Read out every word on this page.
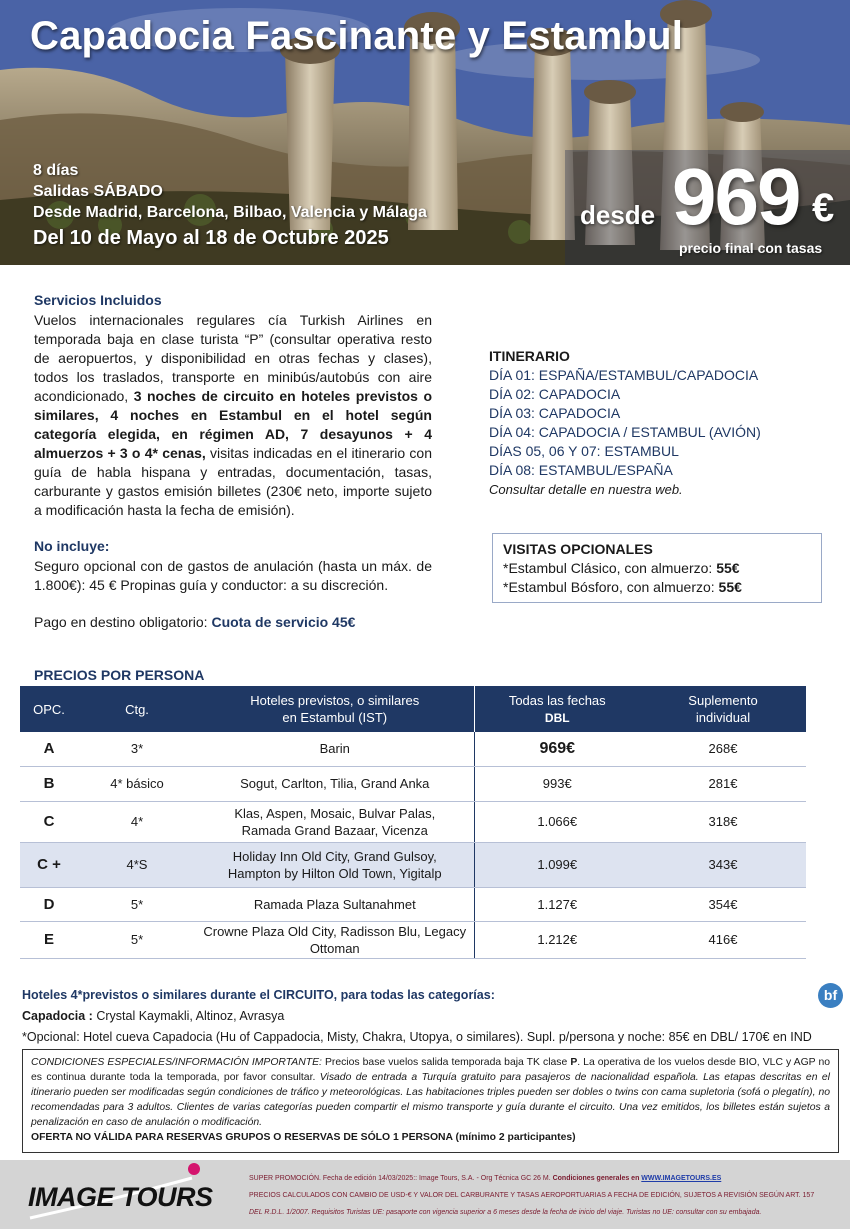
Capadocia Fascinante y Estambul
8 días
Salidas SÁBADO
Desde Madrid, Barcelona, Bilbao, Valencia y Málaga
Del 10 de Mayo al 18 de Octubre 2025
desde 969 €
precio final con tasas
Servicios Incluidos
Vuelos internacionales regulares cía Turkish Airlines en temporada baja en clase turista “P” (consultar operativa resto de aeropuertos, y disponibilidad en otras fechas y clases), todos los traslados, transporte en minibús/autobús con aire acondicionado, 3 noches de circuito en hoteles previstos o similares, 4 noches en Estambul en el hotel según categoría elegida, en régimen AD, 7 desayunos + 4 almuerzos + 3 o 4* cenas, visitas indicadas en el itinerario con guía de habla hispana y entradas, documentación, tasas, carburante y gastos emisión billetes (230€ neto, importe sujeto a modificación hasta la fecha de emisión).
No incluye:
Seguro opcional con de gastos de anulación (hasta un máx. de 1.800€): 45 € Propinas guía y conductor: a su discreción.
Pago en destino obligatorio: Cuota de servicio 45€
ITINERARIO
DÍA 01: ESPAÑA/ESTAMBUL/CAPADOCIA
DÍA 02: CAPADOCIA
DÍA 03: CAPADOCIA
DÍA 04: CAPADOCIA / ESTAMBUL (AVIÓN)
DÍAS 05, 06 Y 07: ESTAMBUL
DÍA 08: ESTAMBUL/ESPAÑA
Consultar detalle en nuestra web.
VISITAS OPCIONALES
*Estambul Clásico, con almuerzo: 55€
*Estambul Bósforo, con almuerzo: 55€
PRECIOS POR PERSONA
OPC.	Ctg.	Hoteles previstos, o similares
en Estambul (IST)	Todas las fechas
DBL	Suplemento
individual
A	3*	Barin	969€	268€
B	4* básico	Sogut, Carlton, Tilia, Grand Anka	993€	281€
C	4*	Klas, Aspen, Mosaic, Bulvar Palas,
Ramada Grand Bazaar, Vicenza	1.066€	318€
C +	4*S	Holiday Inn Old City, Grand Gulsoy,
Hampton by Hilton Old Town, Yigitalp	1.099€	343€
D	5*	Ramada Plaza Sultanahmet	1.127€	354€
E	5*	Crowne Plaza Old City, Radisson Blu, Legacy
Ottoman	1.212€	416€
Hoteles 4*previstos o similares durante el CIRCUITO, para todas las categorías:
Capadocia : Crystal Kaymakli, Altinoz, Avrasya
*Opcional: Hotel cueva Capadocia (Hu of Cappadocia, Misty, Chakra, Utopya, o similares). Supl. p/persona y noche: 85€ en DBL/ 170€ en IND
bf
CONDICIONES ESPECIALES/INFORMACIÓN IMPORTANTE: Precios base vuelos salida temporada baja TK clase P. La operativa de los vuelos desde BIO, VLC y AGP no es continua durante toda la temporada, por favor consultar. Visado de entrada a Turquía gratuito para pasajeros de nacionalidad española. Las etapas descritas en el itinerario pueden ser modificadas según condiciones de tráfico y meteorológicas. Las habitaciones triples pueden ser dobles o twins con cama supletoria (sofá o plegatín), no recomendadas para 3 adultos. Clientes de varias categorías pueden compartir el mismo transporte y guía durante el circuito. Una vez emitidos, los billetes están sujetos a penalización en caso de anulación o modificación.
OFERTA NO VÁLIDA PARA RESERVAS GRUPOS O RESERVAS DE SÓLO 1 PERSONA (mínimo 2 participantes)
IMAGE TOURS
SUPER PROMOCIÓN. Fecha de edición 14/03/2025:: Image Tours, S.A. - Org Técnica GC 26 M. Condiciones generales en WWW.IMAGETOURS.ES
PRECIOS CALCULADOS CON CAMBIO DE USD-€ Y VALOR DEL CARBURANTE Y TASAS AEROPORTUARIAS A FECHA DE EDICIÓN, SUJETOS A REVISIÓN SEGÚN ART. 157
DEL R.D.L. 1/2007. Requisitos Turistas UE: pasaporte con vigencia superior a 6 meses desde la fecha de inicio del viaje. Turistas no UE: consultar con su embajada.
